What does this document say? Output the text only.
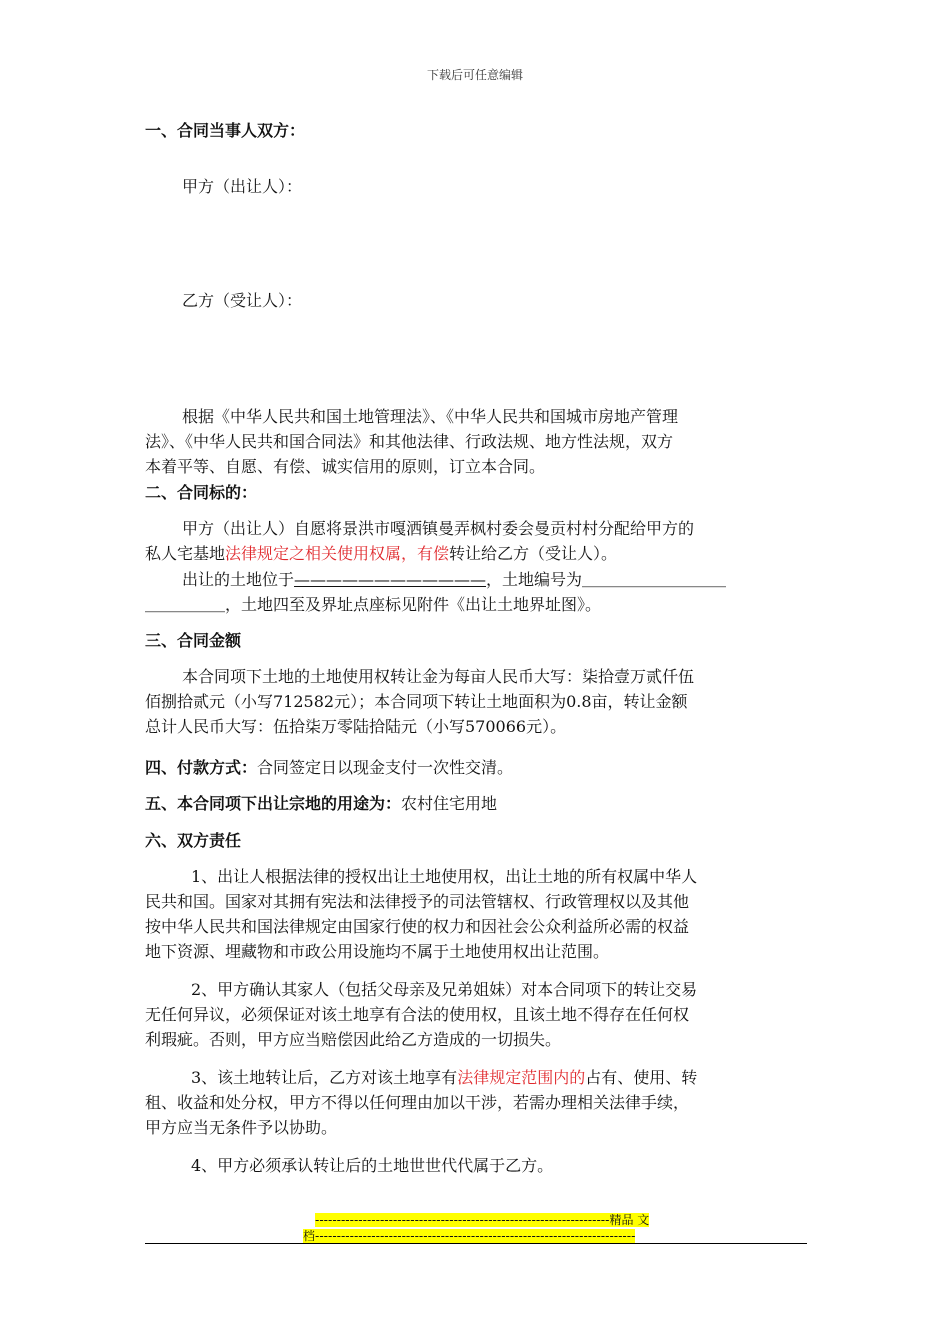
下载后可任意编辑
一、合同当事人双方：
甲方（出让人）：
乙方（受让人）：
根据《中华人民共和国土地管理法》、《中华人民共和国城市房地产管理
法》、《中华人民共和国合同法》和其他法律、行政法规、地方性法规，双方
本着平等、自愿、有偿、诚实信用的原则，订立本合同。
二、合同标的：
甲方（出让人）自愿将景洪市嘎洒镇曼弄枫村委会曼贡村村分配给甲方的
私人宅基地法律规定之相关使用权属，有偿转让给乙方（受让人）。
出让的土地位于————————————，土地编号为＿＿＿＿＿＿＿＿＿
＿＿＿＿＿，土地四至及界址点座标见附件《出让土地界址图》。
三、合同金额
本合同项下土地的土地使用权转让金为每亩人民币大写：柒拾壹万贰仟伍
佰捌拾贰元（小写712582元）；本合同项下转让土地面积为0.8亩，转让金额
总计人民币大写：伍拾柒万零陆拾陆元（小写570066元）。
四、付款方式：合同签定日以现金支付一次性交清。
五、本合同项下出让宗地的用途为：农村住宅用地
六、双方责任
1、出让人根据法律的授权出让土地使用权，出让土地的所有权属中华人
民共和国。国家对其拥有宪法和法律授予的司法管辖权、行政管理权以及其他
按中华人民共和国法律规定由国家行使的权力和因社会公众利益所必需的权益
地下资源、埋藏物和市政公用设施均不属于土地使用权出让范围。
2、甲方确认其家人（包括父母亲及兄弟姐妹）对本合同项下的转让交易
无任何异议，必须保证对该土地享有合法的使用权，且该土地不得存在任何权
利瑕疵。否则，甲方应当赔偿因此给乙方造成的一切损失。
3、该土地转让后，乙方对该土地享有法律规定范围内的占有、使用、转
租、收益和处分权，甲方不得以任何理由加以干涉，若需办理相关法律手续，
甲方应当无条件予以协助。
4、甲方必须承认转让后的土地世世代代属于乙方。
--------------------------------------------------------------------精品 文
档--------------------------------------------------------------------------
